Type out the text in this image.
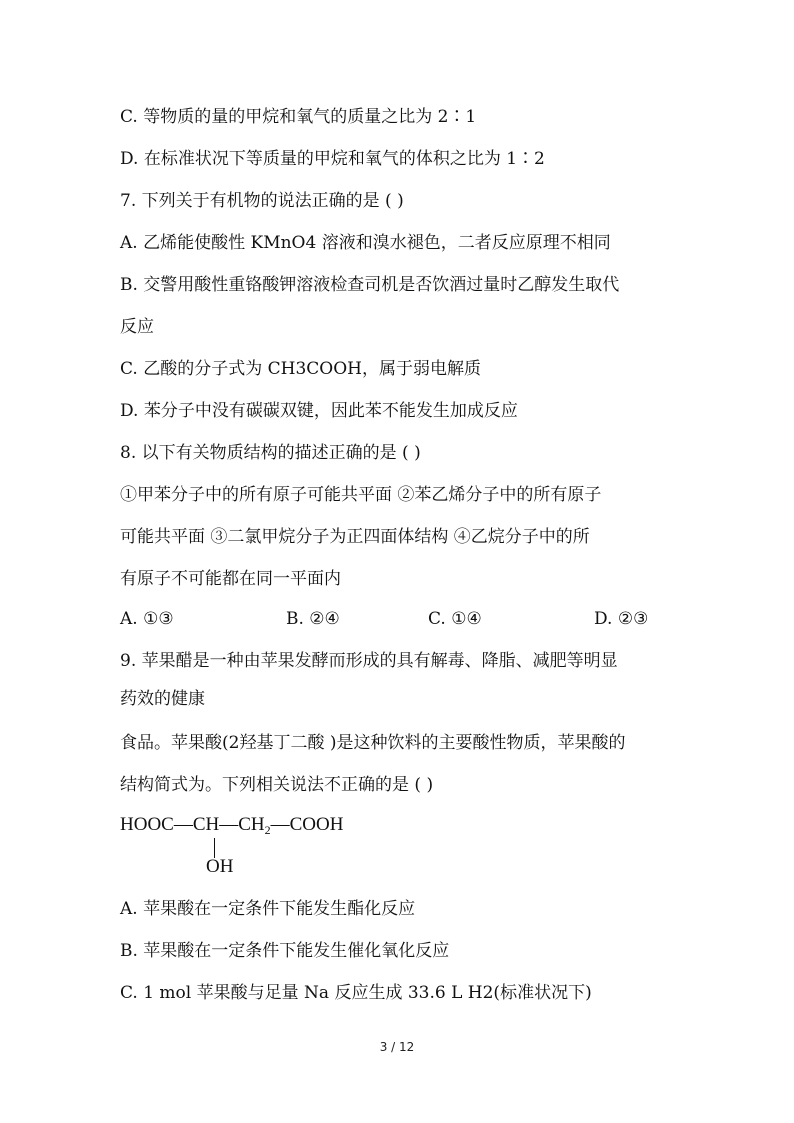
C. 等物质的量的甲烷和氧气的质量之比为 2∶1
D. 在标准状况下等质量的甲烷和氧气的体积之比为 1∶2
7. 下列关于有机物的说法正确的是 ( )
A. 乙烯能使酸性 KMnO4 溶液和溴水褪色，二者反应原理不相同
B. 交警用酸性重铬酸钾溶液检查司机是否饮酒过量时乙醇发生取代
反应
C. 乙酸的分子式为 CH3COOH，属于弱电解质
D. 苯分子中没有碳碳双键，因此苯不能发生加成反应
8. 以下有关物质结构的描述正确的是 ( )
①甲苯分子中的所有原子可能共平面 ②苯乙烯分子中的所有原子
可能共平面 ③二氯甲烷分子为正四面体结构 ④乙烷分子中的所
有原子不可能都在同一平面内
A. ①③	B. ②④	C. ①④	D. ②③
9. 苹果醋是一种由苹果发酵而形成的具有解毒、降脂、减肥等明显
药效的健康
食品。苹果酸(2羟基丁二酸 )是这种饮料的主要酸性物质，苹果酸的
结构简式为。下列相关说法不正确的是 ( )
$HOOC—CH—CH_2—COOH$
OH
A. 苹果酸在一定条件下能发生酯化反应
B. 苹果酸在一定条件下能发生催化氧化反应
C. 1 mol 苹果酸与足量 Na 反应生成 33.6 L H2(标准状况下)
3 / 12
